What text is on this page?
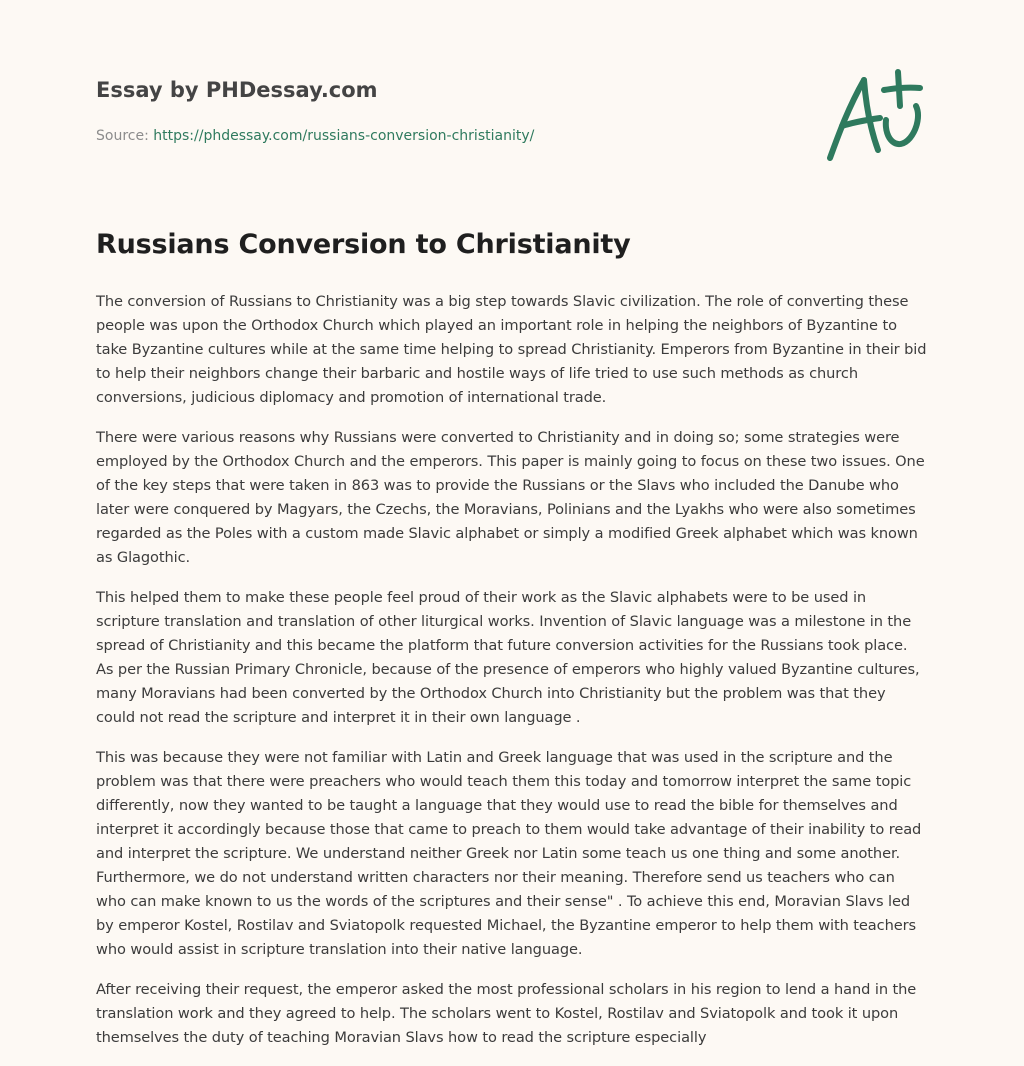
Essay by PHDessay.com
Source: https://phdessay.com/russians-conversion-christianity/
Russians Conversion to Christianity

The conversion of Russians to Christianity was a big step towards Slavic civilization. The role of converting these people was upon the Orthodox Church which played an important role in helping the neighbors of Byzantine to take Byzantine cultures while at the same time helping to spread Christianity. Emperors from Byzantine in their bid to help their neighbors change their barbaric and hostile ways of life tried to use such methods as church conversions, judicious diplomacy and promotion of international trade.

There were various reasons why Russians were converted to Christianity and in doing so; some strategies were employed by the Orthodox Church and the emperors. This paper is mainly going to focus on these two issues. One of the key steps that were taken in 863 was to provide the Russians or the Slavs who included the Danube who later were conquered by Magyars, the Czechs, the Moravians, Polinians and the Lyakhs who were also sometimes regarded as the Poles with a custom made Slavic alphabet or simply a modified Greek alphabet which was known as Glagothic.

This helped them to make these people feel proud of their work as the Slavic alphabets were to be used in scripture translation and translation of other liturgical works. Invention of Slavic language was a milestone in the spread of Christianity and this became the platform that future conversion activities for the Russians took place. As per the Russian Primary Chronicle, because of the presence of emperors who highly valued Byzantine cultures, many Moravians had been converted by the Orthodox Church into Christianity but the problem was that they could not read the scripture and interpret it in their own language .

This was because they were not familiar with Latin and Greek language that was used in the scripture and the problem was that there were preachers who would teach them this today and tomorrow interpret the same topic differently, now they wanted to be taught a language that they would use to read the bible for themselves and interpret it accordingly because those that came to preach to them would take advantage of their inability to read and interpret the scripture. We understand neither Greek nor Latin some teach us one thing and some another. Furthermore, we do not understand written characters nor their meaning. Therefore send us teachers who can who can make known to us the words of the scriptures and their sense" . To achieve this end, Moravian Slavs led by emperor Kostel, Rostilav and Sviatopolk requested Michael, the Byzantine emperor to help them with teachers who would assist in scripture translation into their native language.

After receiving their request, the emperor asked the most professional scholars in his region to lend a hand in the translation work and they agreed to help. The scholars went to Kostel, Rostilav and Sviatopolk and took it upon themselves the duty of teaching Moravian Slavs how to read the scripture especially
